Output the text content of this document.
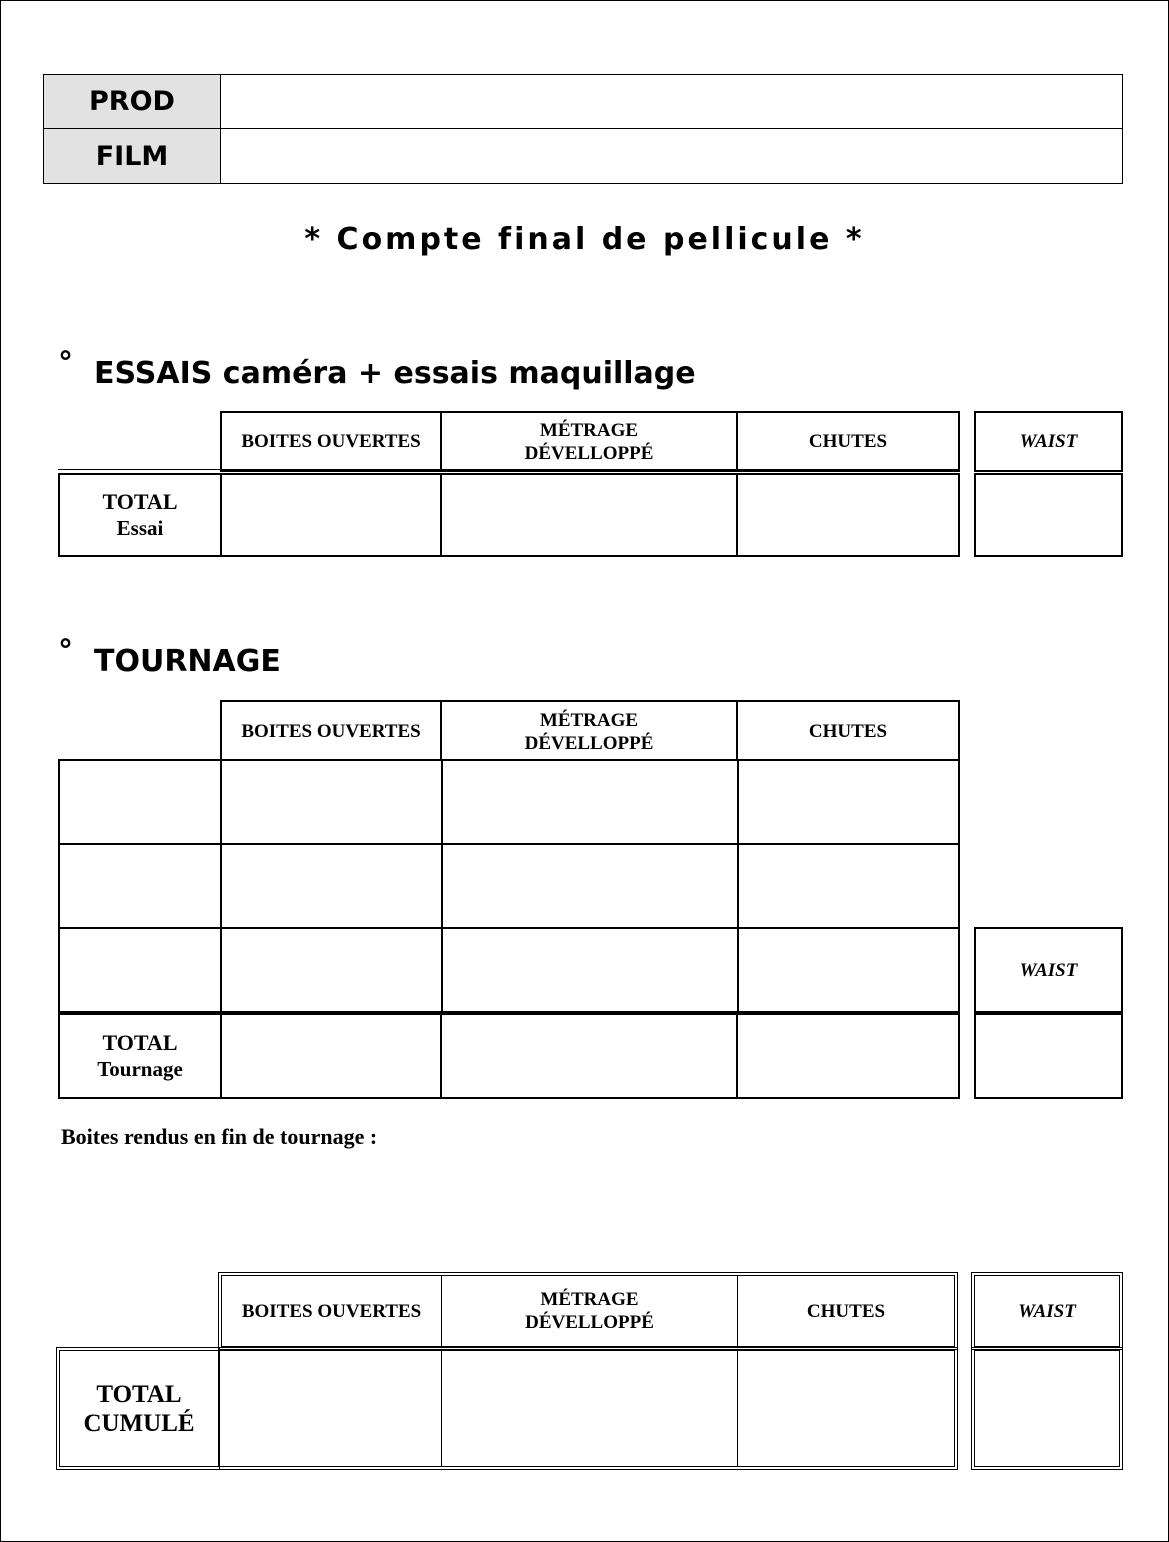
PROD
FILM
* Compte final de pellicule *
° ESSAIS caméra + essais maquillage
BOITES OUVERTES
MÉTRAGE
DÉVELLOPPÉ
CHUTES	WAIST
TOTAL
Essai
° TOURNAGE
BOITES OUVERTES
MÉTRAGE
DÉVELLOPPÉ
CHUTES
WAIST
TOTAL
Tournage
Boites rendus en fin de tournage :
BOITES OUVERTES
MÉTRAGE
DÉVELLOPPÉ
CHUTES	WAIST
TOTAL
CUMULÉ
